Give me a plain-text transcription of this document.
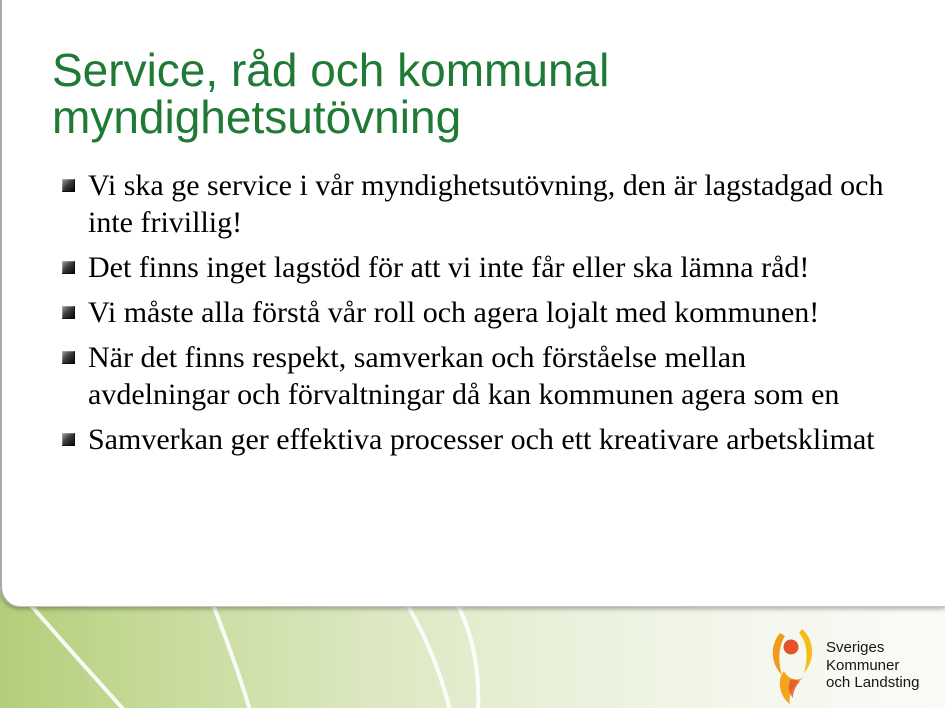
Service, råd och kommunal myndighetsutövning
Vi ska ge service i vår myndighetsutövning, den är lagstadgad och
inte frivillig!
Det finns inget lagstöd för att vi inte får eller ska lämna råd!
Vi måste alla förstå vår roll och agera lojalt med kommunen!
När det finns respekt, samverkan och förståelse mellan
avdelningar och förvaltningar då kan kommunen agera som en
Samverkan ger effektiva processer och ett kreativare arbetsklimat
Sveriges
Kommuner
och Landsting
